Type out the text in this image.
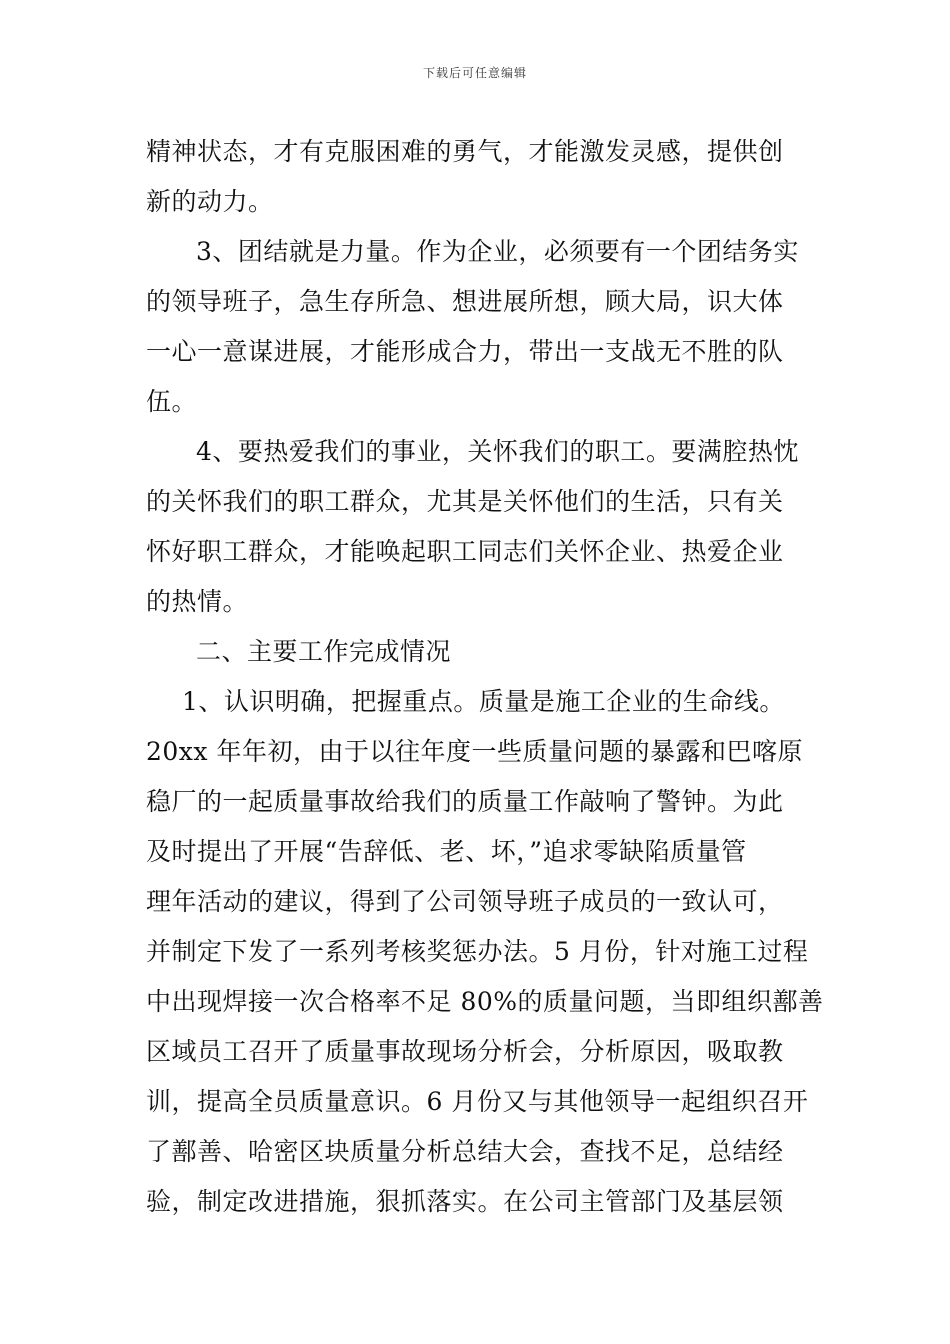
下载后可任意编辑
精神状态，才有克服困难的勇气，才能激发灵感，提供创
新的动力。
3、团结就是力量。作为企业，必须要有一个团结务实
的领导班子，急生存所急、想进展所想，顾大局，识大体
一心一意谋进展，才能形成合力，带出一支战无不胜的队
伍。
4、要热爱我们的事业，关怀我们的职工。要满腔热忱
的关怀我们的职工群众，尤其是关怀他们的生活，只有关
怀好职工群众，才能唤起职工同志们关怀企业、热爱企业
的热情。
二、主要工作完成情况
1、认识明确，把握重点。质量是施工企业的生命线。
20xx 年年初，由于以往年度一些质量问题的暴露和巴喀原
稳厂的一起质量事故给我们的质量工作敲响了警钟。为此
及时提出了开展“告辞低、老、坏，”追求零缺陷质量管
理年活动的建议，得到了公司领导班子成员的一致认可，
并制定下发了一系列考核奖惩办法。5 月份，针对施工过程
中出现焊接一次合格率不足 80%的质量问题，当即组织鄯善
区域员工召开了质量事故现场分析会，分析原因，吸取教
训，提高全员质量意识。6 月份又与其他领导一起组织召开
了鄯善、哈密区块质量分析总结大会，查找不足，总结经
验，制定改进措施，狠抓落实。在公司主管部门及基层领
